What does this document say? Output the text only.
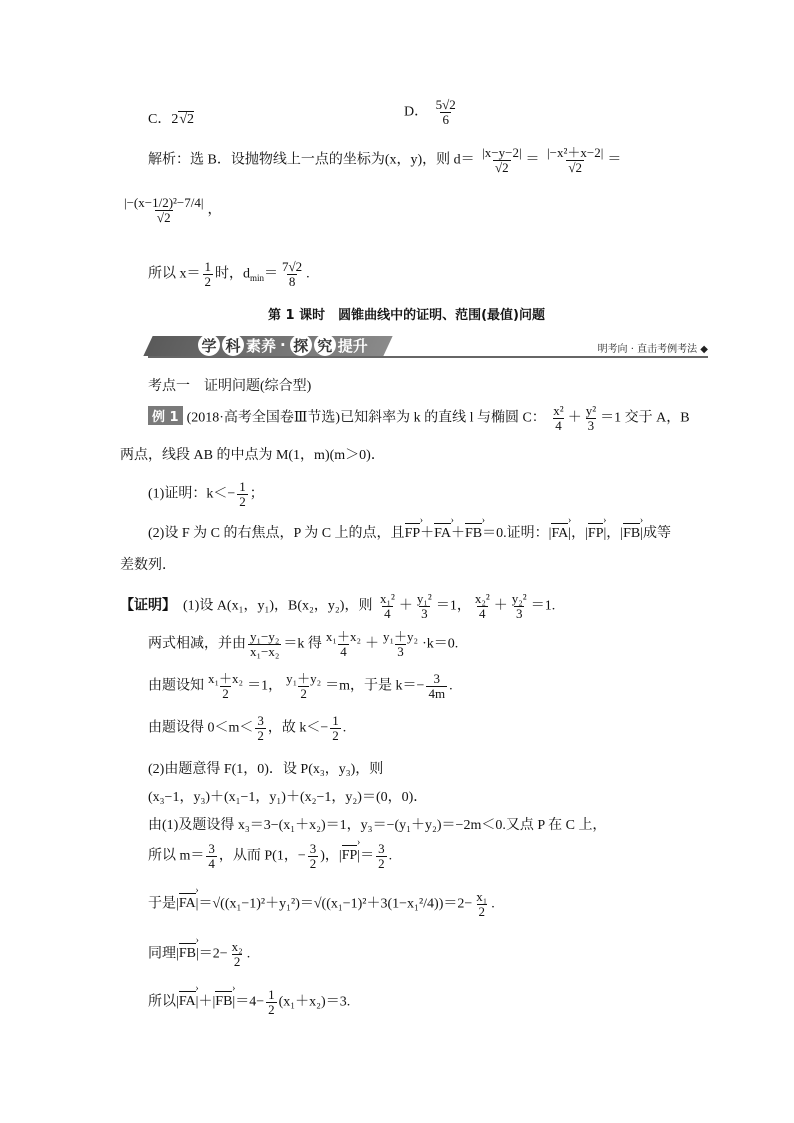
C．2√2
D． $\frac{5√2}{6}$
解析：选 B．设抛物线上一点的坐标为(x，y)，则 $d= \frac{|x-y-2|}{√2} = \frac{\text{|−x²＋x−2|}}{√2}$ ＝
$\frac{\text{|−(x−1/2)²−7/4|}}{√2}$ ，
所以 $x= \frac{1}{2}$ 时，$d_{min}= \frac{7√2}{8}$ .
第 1 课时　圆锥曲线中的证明、范围(最值)问题
学 科 素养 · 探 究 提升	明考向 · 直击考例考法 ◆
考点一　证明问题(综合型)
例 1 (2018·高考全国卷Ⅲ节选)已知斜率为 k 的直线 l 与椭圆 C： $\frac{\text{x²}}{4} + \frac{\text{y²}}{3} =1$ 交于 A，B
两点，线段 AB 的中点为 M(1，m)(m＞0)．
(1)证明：$k<- \frac{1}{2}$ ；
(2)设 F 为 C 的右焦点，P 为 C 上的点，且FP ›＋FA ›＋FB ›＝0.证明：|FA ›|，|FP ›|，|FB ›|成等
差数列．
【证明】　 (1)设 A(x₁，y₁)，B(x₂，y₂)，则 $\frac{\text{x₁²}}{4} + \frac{\text{y₁²}}{3} =1$， $\frac{\text{x₂²}}{4} + \frac{\text{y₂²}}{3} =1$.
两式相减，并由 $\frac{\text{y₁−y₂}}{\text{x₁−x₂}} =k$ 得 $\frac{\text{x₁＋x₂}}{4} + \frac{\text{y₁＋y₂}}{3} \cdot k=0$.
由题设知 $\frac{\text{x₁＋x₂}}{2} =1$， $\frac{\text{y₁＋y₂}}{2} =m$，于是 $k=- \frac{3}{4m}$ .
由题设得 $0<m< \frac{3}{2}$ ，故 $k<- \frac{1}{2}$ .
(2)由题意得 F(1，0)．设 P(x₃，y₃)，则
(x₃−1，y₃)＋(x₁−1，y₁)＋(x₂−1，y₂)＝(0，0)．
由(1)及题设得 x₃＝3−(x₁＋x₂)＝1，y₃＝−(y₁＋y₂)＝−2m＜0.又点 P 在 C 上，
所以 $m= \frac{3}{4}$ ，从而 P(1，− $\frac{3}{2}$ )，|FP ›|＝ $\frac{3}{2}$ .
于是|FA ›|＝√((x₁−1)²＋y₁²)＝√((x₁−1)²＋3(1−x₁²/4))＝2− $\frac{\text{x₁}}{2}$ .
同理|FB ›|＝2− $\frac{\text{x₂}}{2}$ .
所以|FA ›|＋|FB ›|＝4− $\frac{1}{2} (x_1+x_2)=3$.
